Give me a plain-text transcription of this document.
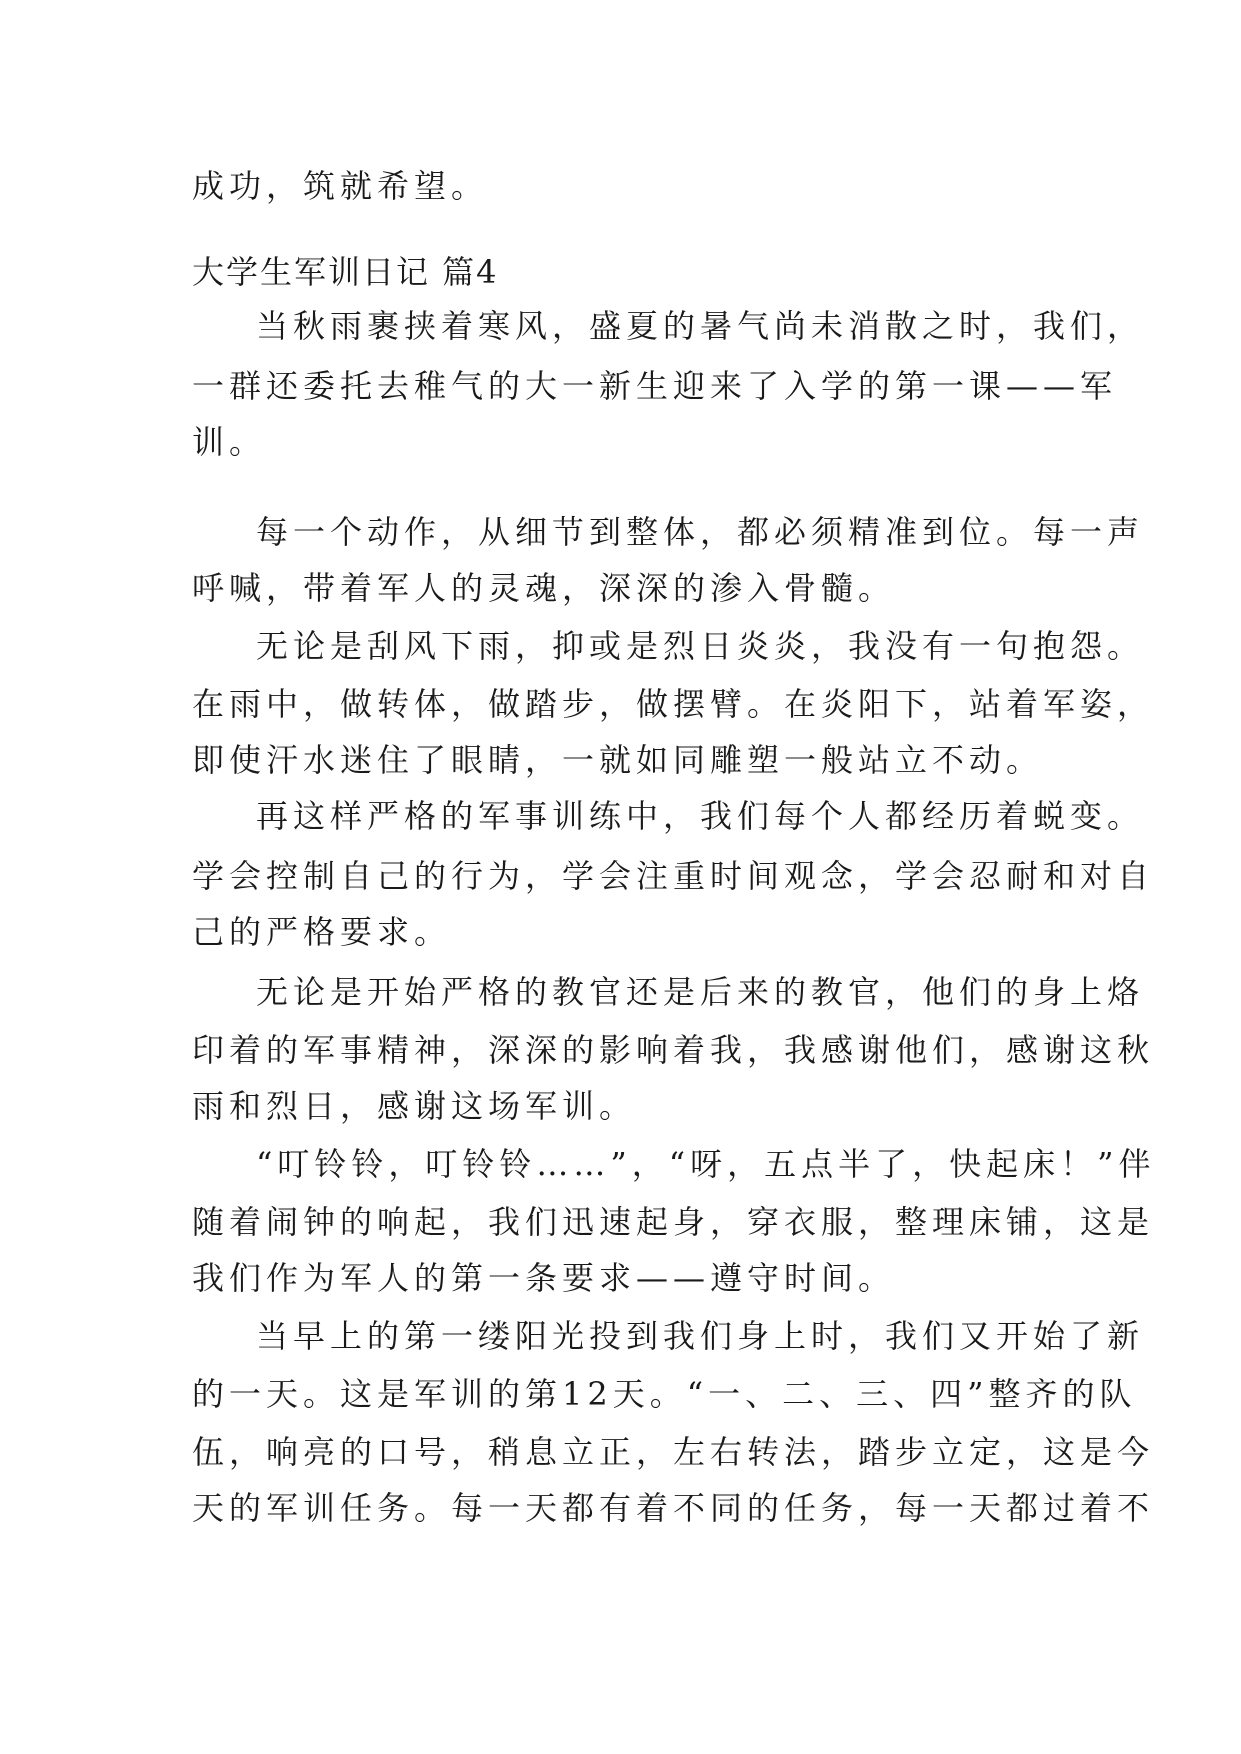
成功，筑就希望。
大学生军训日记 篇4
当秋雨裹挟着寒风，盛夏的暑气尚未消散之时，我们，
一群还委托去稚气的大一新生迎来了入学的第一课——军
训。
每一个动作，从细节到整体，都必须精准到位。每一声
呼喊，带着军人的灵魂，深深的渗入骨髓。
无论是刮风下雨，抑或是烈日炎炎，我没有一句抱怨。
在雨中，做转体，做踏步，做摆臂。在炎阳下，站着军姿，
即使汗水迷住了眼睛，一就如同雕塑一般站立不动。
再这样严格的军事训练中，我们每个人都经历着蜕变。
学会控制自己的行为，学会注重时间观念，学会忍耐和对自
己的严格要求。
无论是开始严格的教官还是后来的教官，他们的身上烙
印着的军事精神，深深的影响着我，我感谢他们，感谢这秋
雨和烈日，感谢这场军训。
“叮铃铃，叮铃铃……”，“呀，五点半了，快起床！”伴
随着闹钟的响起，我们迅速起身，穿衣服，整理床铺，这是
我们作为军人的第一条要求——遵守时间。
当早上的第一缕阳光投到我们身上时，我们又开始了新
的一天。这是军训的第12天。“一、二、三、四”整齐的队
伍，响亮的口号，稍息立正，左右转法，踏步立定，这是今
天的军训任务。每一天都有着不同的任务，每一天都过着不
